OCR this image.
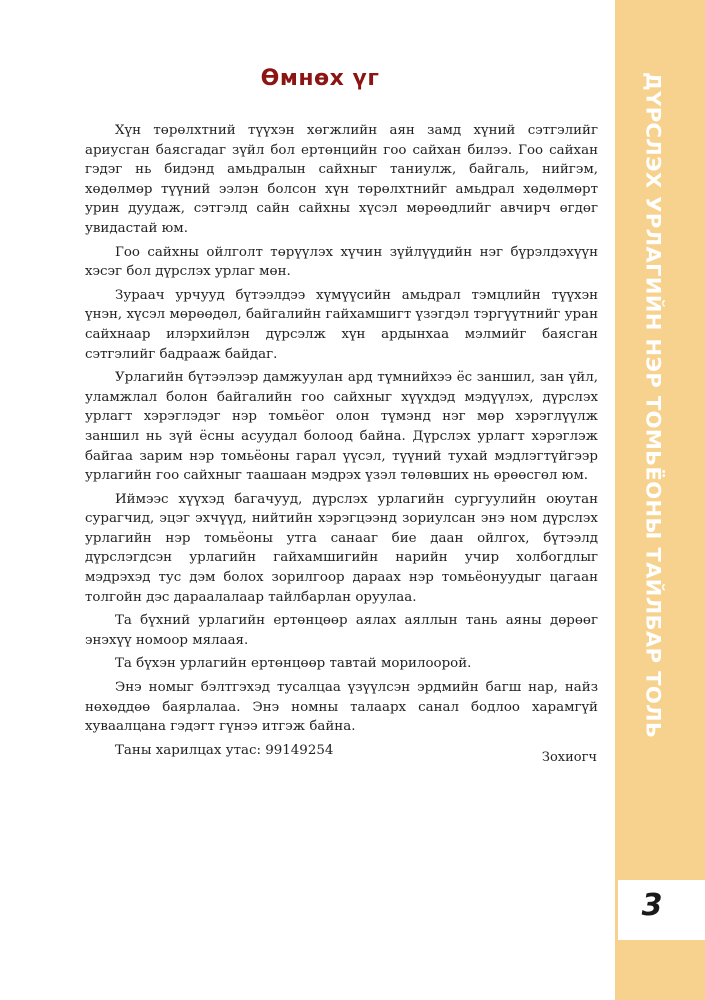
ДҮРСЛЭХ УРЛАГИЙН НЭР ТОМЬЁОНЫ ТАЙЛБАР ТОЛЬ
3
Өмнөх үг

Хүн төрөлхтний түүхэн хөгжлийн аян замд хүний сэтгэлийг ариусган баясгадаг зүйл бол ертөнцийн гоо сайхан билээ. Гоо сайхан гэдэг нь бидэнд амьдралын сайхныг таниулж, байгаль, нийгэм, хөдөлмөр түүний ээлэн болсон хүн төрөлхтнийг амьдрал хөдөлмөрт урин дуудаж, сэтгэлд сайн сайхны хүсэл мөрөөдлийг авчирч өгдөг увидастай юм.

Гоо сайхны ойлголт төрүүлэх хүчин зүйлүүдийн нэг бүрэлдэхүүн хэсэг бол дүрслэх урлаг мөн.

Зураач урчууд бүтээлдээ хүмүүсийн амьдрал тэмцлийн түүхэн үнэн, хүсэл мөрөөдөл, байгалийн гайхамшигт үзэгдэл тэргүүтнийг уран сайхнаар илэрхийлэн дүрсэлж хүн ардынхаа мэлмийг баясган сэтгэлийг бадрааж байдаг.

Урлагийн бүтээлээр дамжуулан ард түмнийхээ ёс заншил, зан үйл, уламжлал болон байгалийн гоо сайхныг хүүхдэд мэдүүлэх, дүрслэх урлагт хэрэглэдэг нэр томьёог олон түмэнд нэг мөр хэрэглүүлж заншил нь зүй ёсны асуудал болоод байна. Дүрслэх урлагт хэрэглэж байгаа зарим нэр томьёоны гарал үүсэл, түүний тухай мэдлэгтүйгээр урлагийн гоо сайхныг таашаан мэдрэх үзэл төлөвших нь өрөөсгөл юм.

Иймээс хүүхэд багачууд, дүрслэх урлагийн сургуулийн оюутан сурагчид, эцэг эхчүүд, нийтийн хэрэгцээнд зориулсан энэ ном дүрслэх урлагийн нэр томьёоны утга санааг бие даан ойлгох, бүтээлд дүрслэгдсэн урлагийн гайхамшигийн нарийн учир холбогдлыг мэдрэхэд тус дэм болох зорилгоор дараах нэр томьёонуудыг цагаан толгойн дэс дараалалаар тайлбарлан оруулаа.

Та бүхний урлагийн ертөнцөөр аялах аяллын тань аяны дөрөөг энэхүү номоор мялаая.

Та бүхэн урлагийн ертөнцөөр тавтай морилоорой.

Энэ номыг бэлтгэхэд тусалцаа үзүүлсэн эрдмийн багш нар, найз нөхөддөө баярлалаа. Энэ номны талаарх санал бодлоо харамгүй хуваалцана гэдэгт гүнээ итгэж байна.

Таны харилцах утас: 99149254	Зохиогч
